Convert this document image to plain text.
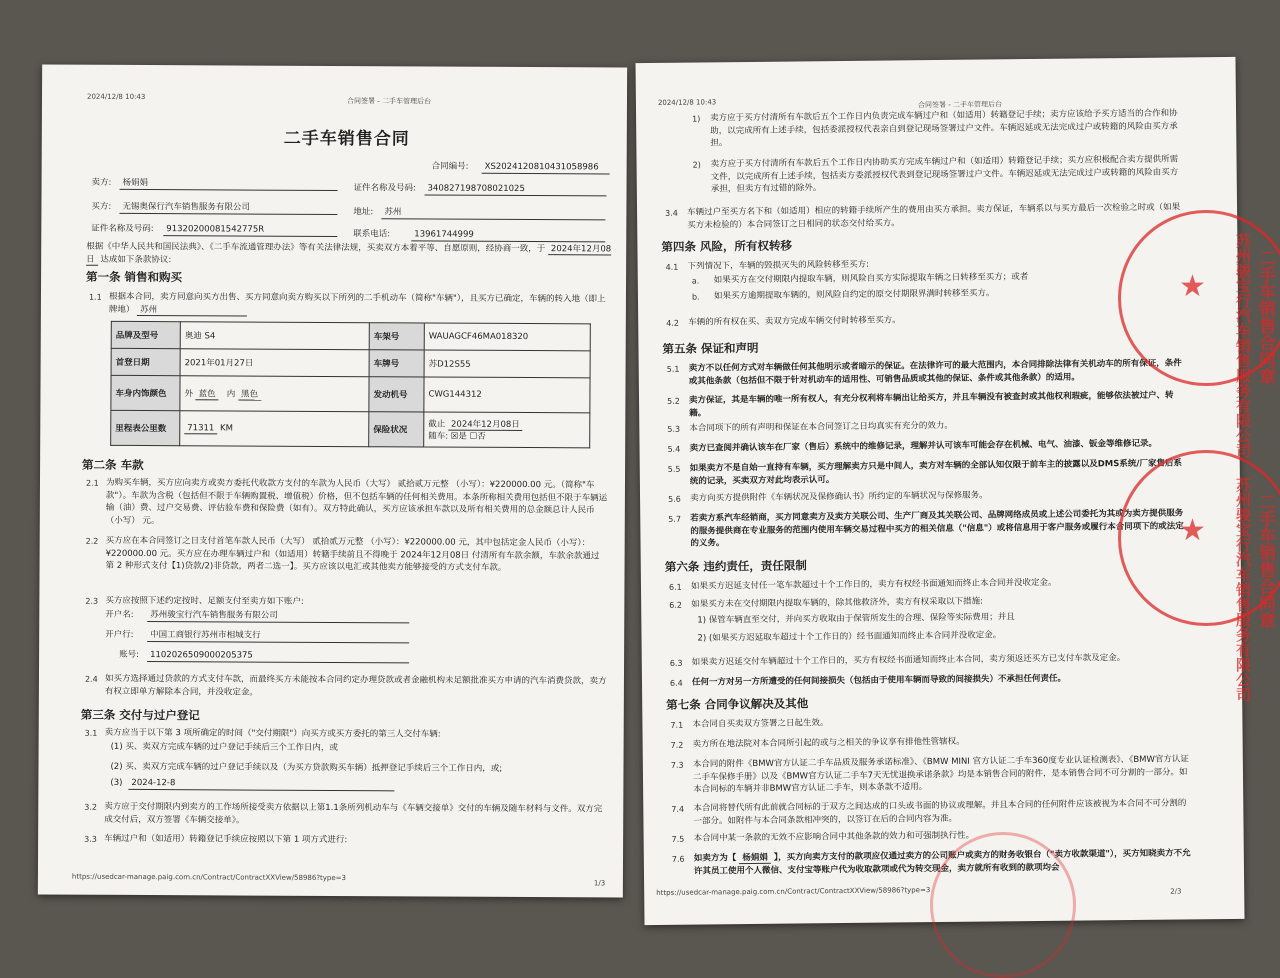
2024/12/8 10:43
合同签署 - 二手车管理后台
二手车销售合同
合同编号:	XS20241208104310589​86
卖方:	杨娟娟
证件名称及号码:	340827198708021025
买方:	无锡奥保行汽车销售服务有限公司	地址:	苏州
证件名称及号码:	91320200081542775R	联系电话:	13961744999
根据《中华人民共和国民法典》、《二手车流通管理办法》等有关法律法规，买卖双方本着平等、自愿原则，经协商一致，于 2024年12月08日 达成如下条款协议:
第一条 销售和购买
1.1 根据本合同，卖方同意向买方出售、买方同意向卖方购买以下所列的二手机动车（简称"车辆"），且买方已确定，车辆的转入地（即上牌地） 苏州
品牌及型号	奥迪 S4	车架号	WAUAGCF46MA018320
首登日期	2021年01月27日	车牌号	苏D12S55
车身内饰颜色	外 蓝色 内 黑色	发动机号	CWG144312
里程表公里数	71311 KM	保险状况	截止 2024年12月08日
随车: ☒是 ☐否
第二条 车款
2.1 为购买车辆，买方应向卖方或卖方委托代收款方支付的车款为人民币（大写） 贰拾贰万元整 （小写）：¥220000.00 元。（简称"车款"）。车款为含税（包括但不限于车辆购置税、增值税）价格，但不包括车辆的任何相关费用。本条所称相关费用包括但不限于车辆运输（油）费、过户交易费、评估验车费和保险费（如有）。双方特此确认，买方应该承担车款以及所有相关费用的总金额总计人民币（小写） 元。
2.2 买方应在本合同签订之日支付首笔车款人民币（大写） 贰拾贰万元整 （小写）：¥220000.00 元，其中包括定金人民币（小写）：¥220000.00 元。买方应在办理车辆过户和（如适用）转籍手续前且不得晚于 2024年12月08日 付清所有车款余额，车款余款通过第 2 种形式支付【1)贷款/2)非贷款，两者二选一】。买方应该以电汇或其他卖方能够接受的方式支付车款。
2.3 买方应按照下述约定按时、足额支付至卖方如下账户:
开户名:	苏州骏宝行汽车销售服务有限公司
开户行:	中国工商银行苏州市相城支行
账号:	1102026509000205375
2.4 如买方选择通过贷款的方式支付车款，而最终买方未能按本合同约定办理贷款或者金融机构未足额批准买方申请的汽车消费贷款，卖方有权立即单方解除本合同，并没收定金。
第三条 交付与过户登记
3.1 卖方应当于以下第 3 项所确定的时间（"交付期限"）向买方或买方委托的第三人交付车辆:
(1) 买、卖双方完成车辆的过户登记手续后三个工作日内，或
(2) 买、卖双方完成车辆的过户登记手续以及（为买方贷款购买车辆）抵押登记手续后三个工作日内，或;
(3)	2024-12-8
3.2 卖方应于交付期限内到卖方的工作场所接受卖方依据以上第1.1条所列机动车与《车辆交接单》交付的车辆及随车材料与文件。双方完成交付后，双方签署《车辆交接单》。
3.3 车辆过户和（如适用）转籍登记手续应按照以下第 1 项方式进行:
https://usedcar-manage.paig.com.cn/Contract/ContractXXView/58986?type=3
1/3
2024/12/8 10:43	合同签署 - 二手车管理后台
1) 卖方应于买方付清所有车款后五个工作日内负责完成车辆过户和（如适用）转籍登记手续；卖方应该给予买方适当的合作和协助，以完成所有上述手续，包括委派授权代表亲自到登记现场签署过户文件。车辆迟延或无法完成过户或转籍的风险由买方承担。
2) 卖方应于买方付清所有车款后五个工作日内协助买方完成车辆过户和（如适用）转籍登记手续；买方应积极配合卖方提供所需文件，以完成所有上述手续，包括卖方委派授权代表到登记现场签署过户文件。车辆迟延或无法完成过户或转籍的风险由买方承担，但卖方有过错的除外。
3.4 车辆过户至买方名下和（如适用）相应的转籍手续所产生的费用由买方承担。卖方保证，车辆系以与买方最后一次检验之时或（如果买方未检验的）本合同签订之日相同的状态交付给买方。
第四条 风险，所有权转移
4.1 下列情况下，车辆的毁损灭失的风险转移至买方:
a. 如果买方在交付期限内提取车辆，则风险自买方实际提取车辆之日转移至买方；或者
b. 如果买方逾期提取车辆的，则风险自约定的原交付期限界满时转移至买方。
4.2 车辆的所有权在买、卖双方完成车辆交付时转移至买方。
第五条 保证和声明
5.1 卖方不以任何方式对车辆做任何其他明示或者暗示的保证。在法律许可的最大范围内，本合同排除法律有关机动车的所有保证，条件或其他条款（包括但不限于针对机动车的适用性、可销售品质或其他的保证、条件或其他条款）的适用。
5.2 卖方保证，其是车辆的唯一所有权人，有充分权利将车辆出让给买方，并且车辆没有被查封或其他权利瑕疵，能够依法被过户、转籍。
5.3 本合同项下的所有声明和保证在本合同签订之日均真实有充分的效力。
5.4 卖方已查阅并确认该车在厂家（售后）系统中的维修记录，理解并认可该车可能会存在机械、电气、油漆、钣金等维修记录。
5.5 如果卖方不是自始一直持有车辆，买方理解卖方只是中间人，卖方对车辆的全部认知仅限于前车主的披露以及DMS系统/厂家售后系统的记录，买卖双方对此均表示认可。
5.6 卖方向买方提供附件《车辆状况及保修确认书》所约定的车辆状况与保修服务。
5.7 若卖方系汽车经销商，买方同意卖方及卖方关联公司、生产厂商及其关联公司、品牌网络成员或上述公司委托为其或为卖方提供服务的服务提供商在专业服务的范围内使用车辆交易过程中买方的相关信息（"信息"）或将信息用于客户服务或履行本合同项下的或法定的义务。
第六条 违约责任，责任限制
6.1 如果买方迟延支付任一笔车款超过十个工作日的，卖方有权经书面通知而终止本合同并没收定金。
6.2 如果买方未在交付期限内提取车辆的，除其他救济外，卖方有权采取以下措施:
1) 保管车辆直至交付，并向买方收取由于保管所发生的合理、保险等实际费用；并且
2) (如果买方迟延取车超过十个工作日的）经书面通知而终止本合同并没收定金。
6.3 如果卖方迟延交付车辆超过十个工作日的，买方有权经书面通知而终止本合同，卖方须返还买方已支付车款及定金。
6.4 任何一方对另一方所遭受的任何间接损失（包括由于使用车辆而导致的间接损失）不承担任何责任。
第七条 合同争议解决及其他
7.1 本合同自买卖双方签署之日起生效。
7.2 卖方所在地法院对本合同所引起的或与之相关的争议享有排他性管辖权。
7.3 本合同的附件《BMW官方认证二手车品质及服务承诺标准》、《BMW MINI 官方认证二手车360度专业认证检测表》、《BMW官方认证二手车保修手册》以及《BMW官方认证二手车7天无忧退换承诺条款》均是本销售合同的附件，是本销售合同不可分割的一部分。如本合同标的车辆并非BMW官方认证二手车，则本条款不适用。
7.4 本合同将替代所有此前就合同标的于双方之间达成的口头或书面的协议或理解。并且本合同的任何附件应该被视为本合同不可分割的一部分。如附件与本合同条款相冲突的，以签订在后的合同内容为准。
7.5 本合同中某一条款的无效不应影响合同中其他条款的效力和可强制执行性。
7.6 如卖方为【 杨娟娟 】，买方向卖方支付的款项应仅通过卖方的公司账户或卖方的财务收银台（"卖方收款渠道"），买方知晓卖方不允许其员工使用个人微信、支付宝等账户代为收取款项或代为转交现金，卖方就所有收到的款项均会
https://usedcar-manage.paig.com.cn/Contract/ContractXXView/58986?type=3	2/3
★ 苏州骏宝行汽车销售服务有限公司 二手车销售合同章
★ 苏州骏宝行汽车销售服务有限公司 二手车销售合同章
